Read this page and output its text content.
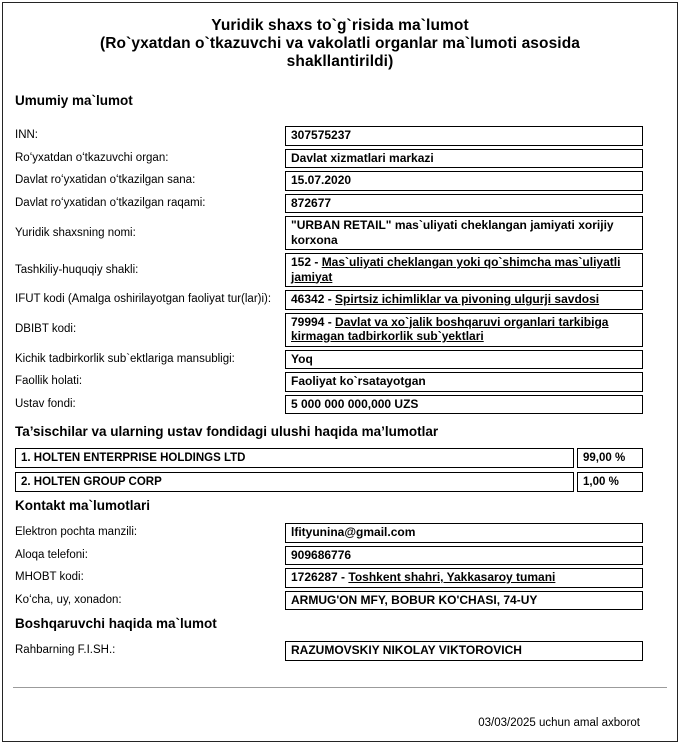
Yuridik shaxs to`g`risida ma`lumot
(Ro`yxatdan o`tkazuvchi va vakolatli organlar ma`lumoti asosida
shakllantirildi)
Umumiy ma`lumot
INN:	307575237
Roʻyxatdan oʻtkazuvchi organ:	Davlat xizmatlari markazi
Davlat roʻyxatidan oʻtkazilgan sana:	15.07.2020
Davlat roʻyxatidan oʻtkazilgan raqami:	872677
Yuridik shaxsning nomi:
"URBAN RETAIL" mas`uliyati cheklangan jamiyati xorijiy korxona
Tashkiliy-huquqiy shakli:
152 - Mas`uliyati cheklangan yoki qo`shimcha mas`uliyatli jamiyat
IFUT kodi (Amalga oshirilayotgan faoliyat tur(lar)i):	46342 - Spirtsiz ichimliklar va pivoning ulgurji savdosi
DBIBT kodi:
79994 - Davlat va xo`jalik boshqaruvi organlari tarkibiga kirmagan tadbirkorlik sub`yektlari
Kichik tadbirkorlik sub`ektlariga mansubligi:	Yoq
Faollik holati:	Faoliyat ko`rsatayotgan
Ustav fondi:	5 000 000 000,000 UZS
Ta’sischilar va ularning ustav fondidagi ulushi haqida ma’lumotlar
1. HOLTEN ENTERPRISE HOLDINGS LTD	99,00 %
2. HOLTEN GROUP CORP	1,00 %
Kontakt ma`lumotlari
Elektron pochta manzili:	lfityunina@gmail.com
Aloqa telefoni:	909686776
MHOBT kodi:	1726287 - Toshkent shahri, Yakkasaroy tumani
Koʻcha, uy, xonadon:	ARMUG'ON MFY, BOBUR KO'CHASI, 74-UY
Boshqaruvchi haqida ma`lumot
Rahbarning F.I.SH.:	RAZUMOVSKIY NIKOLAY VIKTOROVICH
03/03/2025 uchun amal axborot
